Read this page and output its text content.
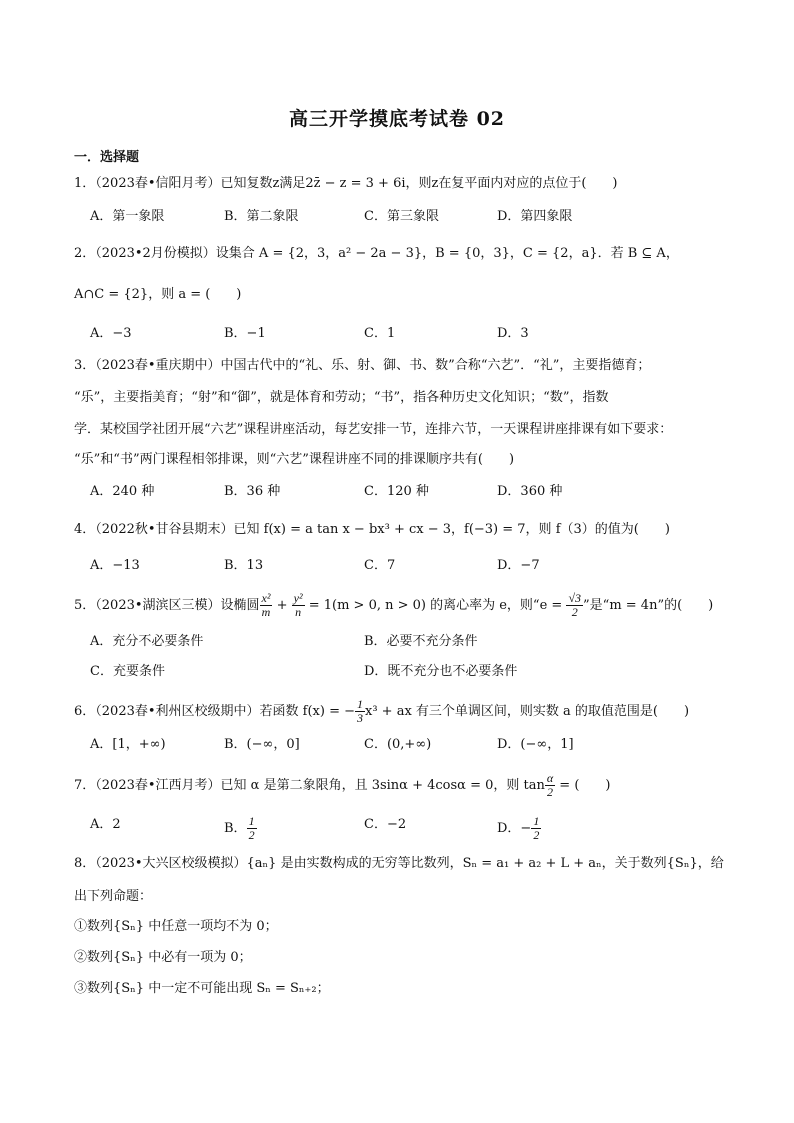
高三开学摸底考试卷 02
一．选择题
1．（2023春•信阳月考）已知复数z满足2z̄ − z = 3 + 6i，则z在复平面内对应的点位于(　　)
A．第一象限	B．第二象限	C．第三象限	D．第四象限
2．（2023•2月份模拟）设集合 A = {2，3，a² − 2a − 3}，B = {0，3}，C = {2，a}．若 B ⊆ A，
A∩C = {2}，则 a = (　　)
A．−3	B．−1	C．1	D．3
3．（2023春•重庆期中）中国古代中的“礼、乐、射、御、书、数”合称“六艺”．“礼”，主要指德育；
“乐”，主要指美育；“射”和“御”，就是体育和劳动；“书”，指各种历史文化知识；“数”，指数
学．某校国学社团开展“六艺”课程讲座活动，每艺安排一节，连排六节，一天课程讲座排课有如下要求：
“乐”和“书”两门课程相邻排课，则“六艺”课程讲座不同的排课顺序共有(　　)
A．240 种	B．36 种	C．120 种	D．360 种
4．（2022秋•甘谷县期末）已知 f(x) = a tan x − bx³ + cx − 3，f(−3) = 7，则 f（3）的值为(　　)
A．−13	B．13	C．7	D．−7
5．（2023•湖滨区三模）设椭圆 $\frac{\text{x²}}{m} + \frac{\text{y²}}{n} = 1(m > 0$, n > 0) 的离心率为 e，则“$e = \frac{√3}{2}$ ”是“m = 4n”的(　　)
A．充分不必要条件	B．必要不充分条件
C．充要条件	D．既不充分也不必要条件
6．（2023春•利州区校级期中）若函数 f(x) = − $\frac{1}{3} x^3$ + ax 有三个单调区间，则实数 a 的取值范围是(　　)
A．[1，+∞)	B．(−∞，0]	C．(0,+∞)	D．(−∞，1]
7．（2023春•江西月考）已知 α 是第二象限角，且 3sinα + 4cosα = 0，则 $\tan \frac{\alpha}{2}$ = (　　)
A．2	B． $\frac{1}{2}$	C．−2	D．− $\frac{1}{2}$
8．（2023•大兴区校级模拟）{aₙ} 是由实数构成的无穷等比数列，Sₙ = a₁ + a₂ + L + aₙ，关于数列{Sₙ}，给
出下列命题：
①数列{Sₙ} 中任意一项均不为 0；
②数列{Sₙ} 中必有一项为 0；
③数列{Sₙ} 中一定不可能出现 Sₙ = Sₙ₊₂；
